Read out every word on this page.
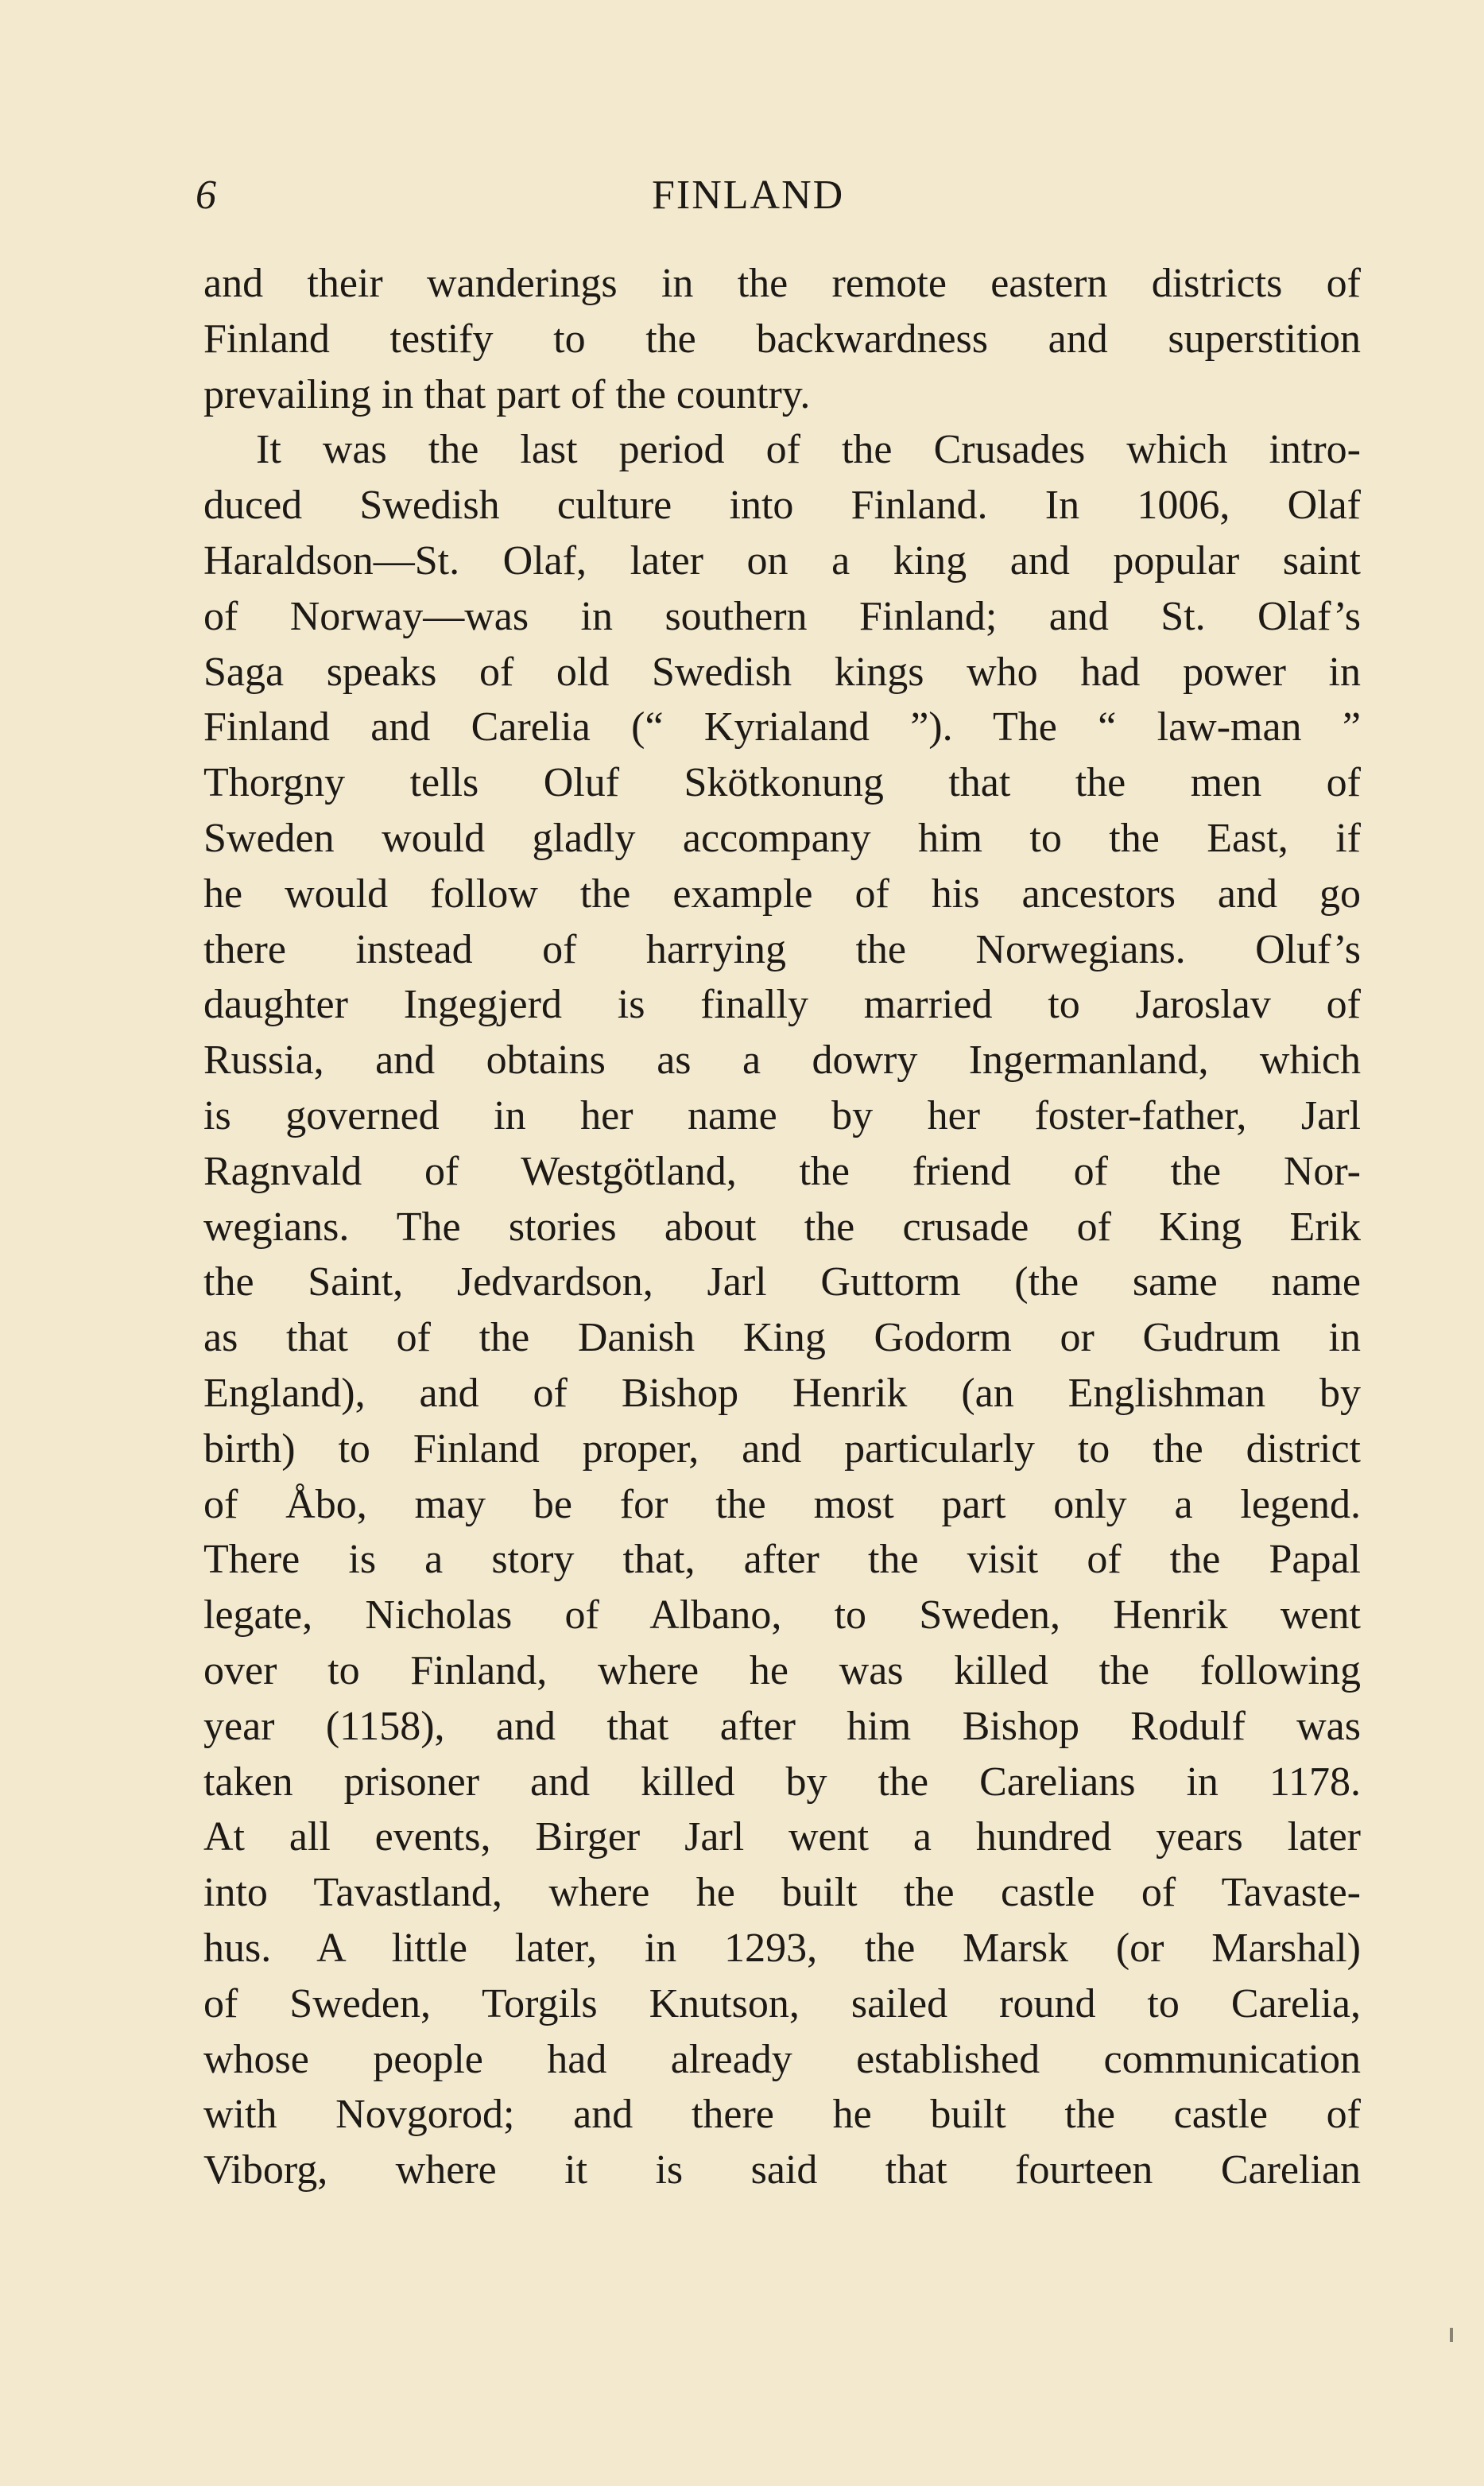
6	FINLAND
and their wanderings in the remote eastern districts of
Finland testify to the backwardness and superstition
prevailing in that part of the country.
It was the last period of the Crusades which intro-
duced Swedish culture into Finland. In 1006, Olaf
Haraldson—St. Olaf, later on a king and popular saint
of Norway—was in southern Finland; and St. Olaf’s
Saga speaks of old Swedish kings who had power in
Finland and Carelia (“ Kyrialand ”). The “ law-man ”
Thorgny tells Oluf Skötkonung that the men of
Sweden would gladly accompany him to the East, if
he would follow the example of his ancestors and go
there instead of harrying the Norwegians. Oluf’s
daughter Ingegjerd is finally married to Jaroslav of
Russia, and obtains as a dowry Ingermanland, which
is governed in her name by her foster-father, Jarl
Ragnvald of Westgötland, the friend of the Nor-
wegians. The stories about the crusade of King Erik
the Saint, Jedvardson, Jarl Guttorm (the same name
as that of the Danish King Godorm or Gudrum in
England), and of Bishop Henrik (an Englishman by
birth) to Finland proper, and particularly to the district
of Åbo, may be for the most part only a legend.
There is a story that, after the visit of the Papal
legate, Nicholas of Albano, to Sweden, Henrik went
over to Finland, where he was killed the following
year (1158), and that after him Bishop Rodulf was
taken prisoner and killed by the Carelians in 1178.
At all events, Birger Jarl went a hundred years later
into Tavastland, where he built the castle of Tavaste-
hus. A little later, in 1293, the Marsk (or Marshal)
of Sweden, Torgils Knutson, sailed round to Carelia,
whose people had already established communication
with Novgorod; and there he built the castle of
Viborg, where it is said that fourteen Carelian
